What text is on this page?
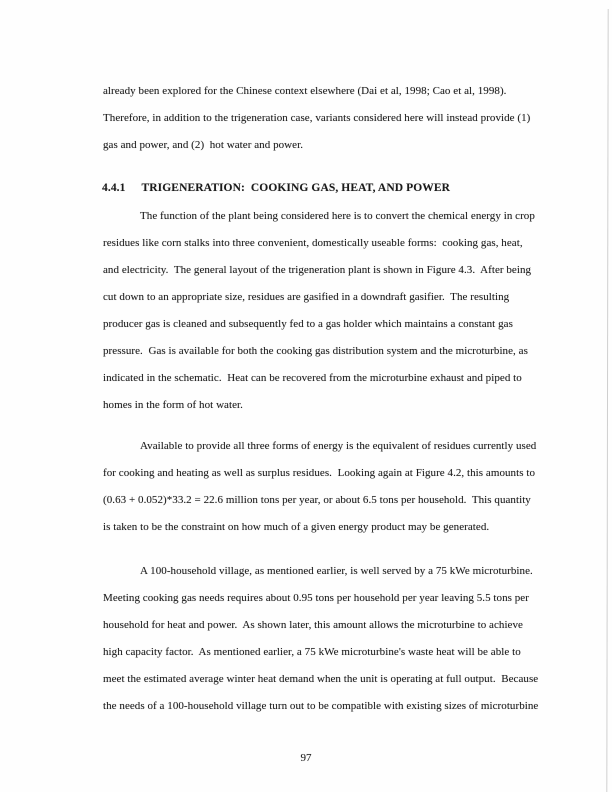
already been explored for the Chinese context elsewhere (Dai et al, 1998; Cao et al, 1998).
Therefore, in addition to the trigeneration case, variants considered here will instead provide (1)
gas and power, and (2)  hot water and power.
4.4.1 TRIGENERATION:  COOKING GAS, HEAT, AND POWER
The function of the plant being considered here is to convert the chemical energy in crop
residues like corn stalks into three convenient, domestically useable forms:  cooking gas, heat,
and electricity.  The general layout of the trigeneration plant is shown in Figure 4.3.  After being
cut down to an appropriate size, residues are gasified in a downdraft gasifier.  The resulting
producer gas is cleaned and subsequently fed to a gas holder which maintains a constant gas
pressure.  Gas is available for both the cooking gas distribution system and the microturbine, as
indicated in the schematic.  Heat can be recovered from the microturbine exhaust and piped to
homes in the form of hot water.
Available to provide all three forms of energy is the equivalent of residues currently used
for cooking and heating as well as surplus residues.  Looking again at Figure 4.2, this amounts to
(0.63 + 0.052)*33.2 = 22.6 million tons per year, or about 6.5 tons per household.  This quantity
is taken to be the constraint on how much of a given energy product may be generated.
A 100-household village, as mentioned earlier, is well served by a 75 kWe microturbine.
Meeting cooking gas needs requires about 0.95 tons per household per year leaving 5.5 tons per
household for heat and power.  As shown later, this amount allows the microturbine to achieve
high capacity factor.  As mentioned earlier, a 75 kWe microturbine's waste heat will be able to
meet the estimated average winter heat demand when the unit is operating at full output.  Because
the needs of a 100-household village turn out to be compatible with existing sizes of microturbine
97
